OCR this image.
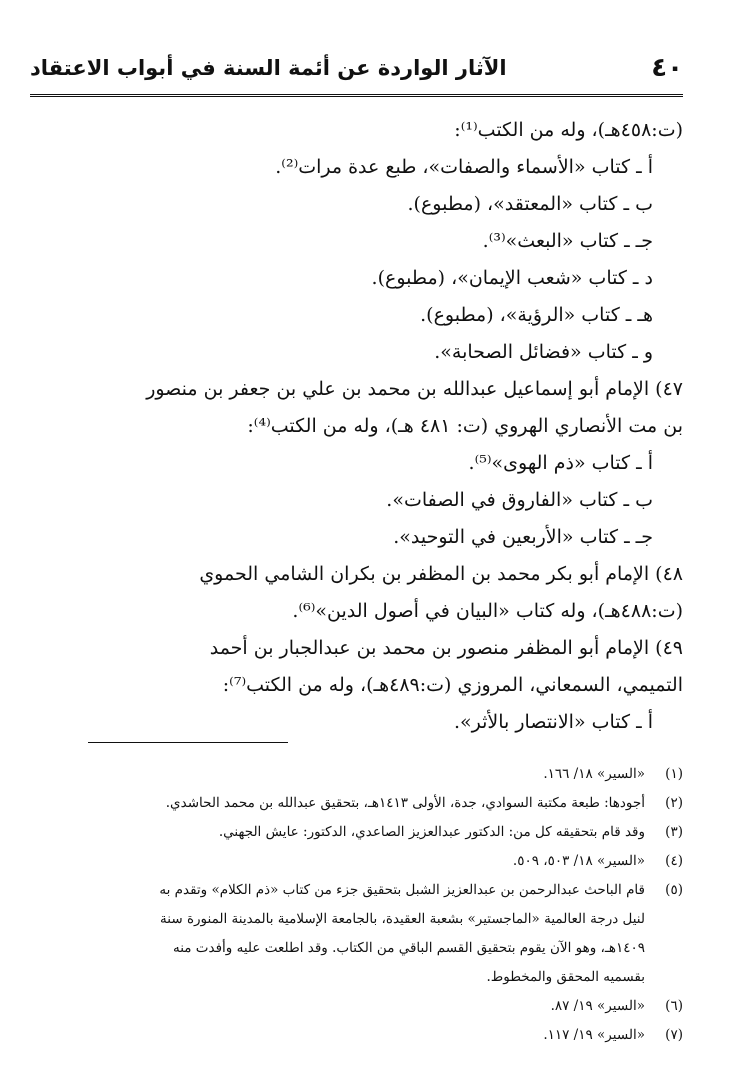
٤٠
الآثار الواردة عن أئمة السنة في أبواب الاعتقاد
(ت:٤٥٨هـ)، وله من الكتب⁽¹⁾:
أ ـ كتاب «الأسماء والصفات»، طبع عدة مرات⁽²⁾.
ب ـ كتاب «المعتقد»، (مطبوع).
جـ ـ كتاب «البعث»⁽³⁾.
د ـ كتاب «شعب الإيمان»، (مطبوع).
هـ ـ كتاب «الرؤية»، (مطبوع).
و ـ كتاب «فضائل الصحابة».
٤٧) الإمام أبو إسماعيل عبدالله بن محمد بن علي بن جعفر بن منصور
بن مت الأنصاري الهروي (ت: ٤٨١ هـ)، وله من الكتب⁽⁴⁾:
أ ـ كتاب «ذم الهوى»⁽⁵⁾.
ب ـ كتاب «الفاروق في الصفات».
جـ ـ كتاب «الأربعين في التوحيد».
٤٨) الإمام أبو بكر محمد بن المظفر بن بكران الشامي الحموي
(ت:٤٨٨هـ)، وله كتاب «البيان في أصول الدين»⁽⁶⁾.
٤٩) الإمام أبو المظفر منصور بن محمد بن عبدالجبار بن أحمد
التميمي، السمعاني، المروزي (ت:٤٨٩هـ)، وله من الكتب⁽⁷⁾:
أ ـ كتاب «الانتصار بالأثر».
(١)
«السير» ١٨/ ١٦٦.
(٢)
أجودها: طبعة مكتبة السوادي، جدة، الأولى ١٤١٣هـ، بتحقيق عبدالله بن محمد الحاشدي.
(٣)
وقد قام بتحقيقه كل من: الدكتور عبدالعزيز الصاعدي، الدكتور: عايش الجهني.
(٤)
«السير» ١٨/ ٥٠٣، ٥٠٩.
(٥)
قام الباحث عبدالرحمن بن عبدالعزيز الشبل بتحقيق جزء من كتاب «ذم الكلام» وتقدم به
لنيل درجة العالمية «الماجستير» بشعبة العقيدة، بالجامعة الإسلامية بالمدينة المنورة سنة
١٤٠٩هـ، وهو الآن يقوم بتحقيق القسم الباقي من الكتاب. وقد اطلعت عليه وأفدت منه
بقسميه المحقق والمخطوط.
(٦)
«السير» ١٩/ ٨٧.
(٧)
«السير» ١٩/ ١١٧.
